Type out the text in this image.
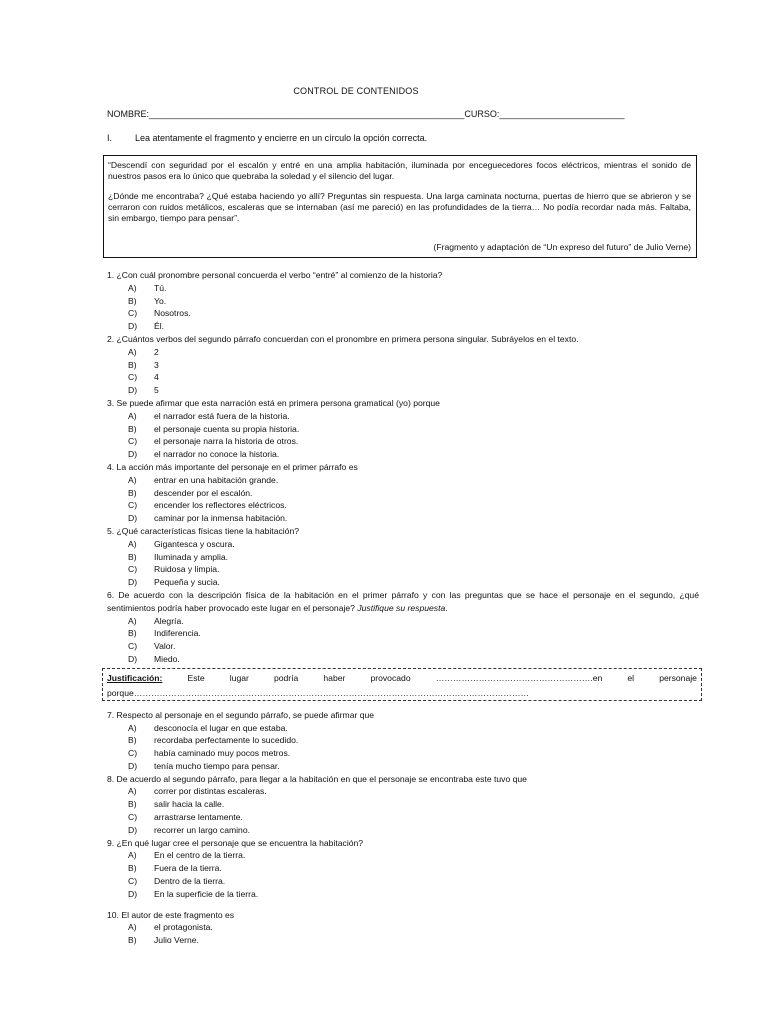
CONTROL DE CONTENIDOS
NOMBRE:_______________________________________________________________CURSO:_________________________
I.	Lea atentamente el fragmento y encierre en un círculo la opción correcta.

“Descendí con seguridad por el escalón y entré en una amplia habitación, iluminada por enceguecedores focos eléctricos, mientras el sonido de nuestros pasos era lo único que quebraba la soledad y el silencio del lugar.

¿Dónde me encontraba? ¿Qué estaba haciendo yo allí? Preguntas sin respuesta. Una larga caminata nocturna, puertas de hierro que se abrieron y se cerraron con ruidos metálicos, escaleras que se internaban (así me pareció) en las profundidades de la tierra… No podía recordar nada más. Faltaba, sin embargo, tiempo para pensar”.

(Fragmento y adaptación de “Un expreso del futuro” de Julio Verne)

1. ¿Con cuál pronombre personal concuerda el verbo “entré” al comienzo de la historia?

A)	Tú.
B)	Yo.
C)	Nosotros.
D)	Él.

2. ¿Cuántos verbos del segundo párrafo concuerdan con el pronombre en primera persona singular. Subráyelos en el texto.

A)	2
B)	3
C)	4
D)	5

3. Se puede afirmar que esta narración está en primera persona gramatical (yo) porque

A)	el narrador está fuera de la historia.
B)	el personaje cuenta su propia historia.
C)	el personaje narra la historia de otros.
D)	el narrador no conoce la historia.

4. La acción más importante del personaje en el primer párrafo es

A)	entrar en una habitación grande.
B)	descender por el escalón.
C)	encender los reflectores eléctricos.
D)	caminar por la inmensa habitación.

5. ¿Qué características físicas tiene la habitación?

A)	Gigantesca y oscura.
B)	Iluminada y amplia.
C)	Ruidosa y limpia.
D)	Pequeña y sucia.

6. De acuerdo con la descripción física de la habitación en el primer párrafo y con las preguntas que se hace el personaje en el segundo, ¿qué sentimientos podría haber provocado este lugar en el personaje? Justifique su respuesta.

A)	Alegría.
B)	Indiferencia.
C)	Valor.
D)	Miedo.
Justificación:	Este	lugar	podría	haber	provocado	……………………………………………….en	el	personaje
porque…………………………………………………………………………………………………………………………

7. Respecto al personaje en el segundo párrafo, se puede afirmar que

A)	desconocía el lugar en que estaba.
B)	recordaba perfectamente lo sucedido.
C)	había caminado muy pocos metros.
D)	tenía mucho tiempo para pensar.

8. De acuerdo al segundo párrafo, para llegar a la habitación en que el personaje se encontraba este tuvo que

A)	correr por distintas escaleras.
B)	salir hacia la calle.
C)	arrastrarse lentamente.
D)	recorrer un largo camino.

9. ¿En qué lugar cree el personaje que se encuentra la habitación?

A)	En el centro de la tierra.
B)	Fuera de la tierra.
C)	Dentro de la tierra.
D)	En la superficie de la tierra.

10. El autor de este fragmento es

A)	el protagonista.
B)	Julio Verne.
